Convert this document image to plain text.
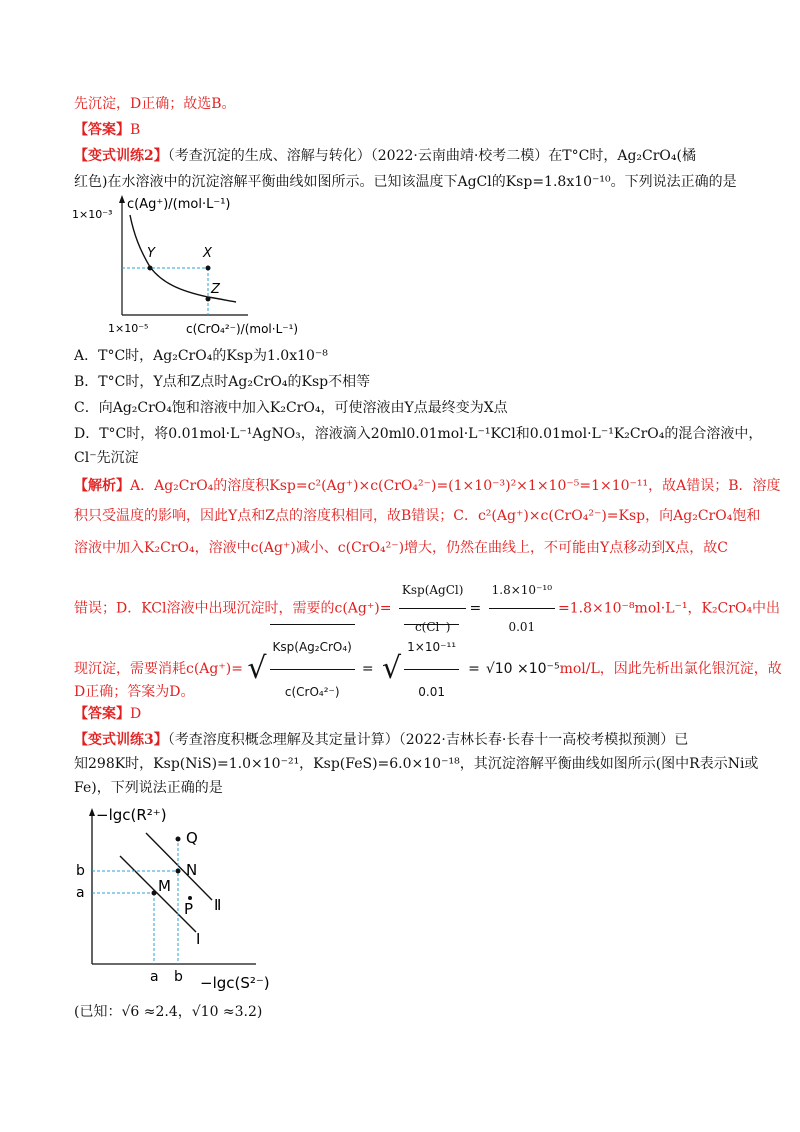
先沉淀，D正确；故选B。
【答案】B
【变式训练2】（考查沉淀的生成、溶解与转化）（2022·云南曲靖·校考二模）在T°C时，Ag₂CrO₄(橘
红色)在水溶液中的沉淀溶解平衡曲线如图所示。已知该温度下AgCl的Ksp=1.8x10⁻¹⁰。下列说法正确的是
Y	X
Z
c(Ag⁺)/(mol·L⁻¹)
1×10⁻³
1×10⁻⁵	c(CrO₄²⁻)/(mol·L⁻¹)
A．T°C时，Ag₂CrO₄的Ksp为1.0x10⁻⁸
B．T°C时，Y点和Z点时Ag₂CrO₄的Ksp不相等
C．向Ag₂CrO₄饱和溶液中加入K₂CrO₄，可使溶液由Y点最终变为X点
D．T°C时，将0.01mol·L⁻¹AgNO₃，溶液滴入20ml0.01mol·L⁻¹KCl和0.01mol·L⁻¹K₂CrO₄的混合溶液中，
Cl⁻先沉淀
【解析】A．Ag₂CrO₄的溶度积Ksp=c²(Ag⁺)×c(CrO₄²⁻)=(1×10⁻³)²×1×10⁻⁵=1×10⁻¹¹，故A错误；B．溶度
积只受温度的影响，因此Y点和Z点的溶度积相同，故B错误；C．c²(Ag⁺)×c(CrO₄²⁻)=Ksp，向Ag₂CrO₄饱和
溶液中加入K₂CrO₄，溶液中c(Ag⁺)减小、c(CrO₄²⁻)增大，仍然在曲线上，不可能由Y点移动到X点，故C
错误；D．KCl溶液中出现沉淀时，需要的$c(Ag^+)= \frac{\text{Ksp(AgCl)}}{c(Cl^-)} = \frac{\text{1.8×10⁻¹⁰}}{0.01} =1.8\times 10^{-8}mol\cdot L^{-1}$，K₂CrO₄中出
现沉淀，需要消耗c(Ag⁺)= √ $\frac{\text{Ksp(Ag₂CrO₄)}}{\text{c(CrO₄²⁻)}}$ = √ $\frac{\text{1×10⁻¹¹}}{0.01} = √10 \times 10^{-5}mol/L$，因此先析出氯化银沉淀，故
D正确；答案为D。
【答案】D
【变式训练3】（考查溶度积概念理解及其定量计算）（2022·吉林长春·长春十一高校考模拟预测）已
知298K时，Ksp(NiS)=1.0×10⁻²¹，Ksp(FeS)=6.0×10⁻¹⁸，其沉淀溶解平衡曲线如图所示(图中R表示Ni或
Fe)，下列说法正确的是
Q
N
M
P Ⅱ
I
b
a
a b
−lgc(R²⁺)
−lgc(S²⁻)
(已知：√6 ≈2.4，√10 ≈3.2)
